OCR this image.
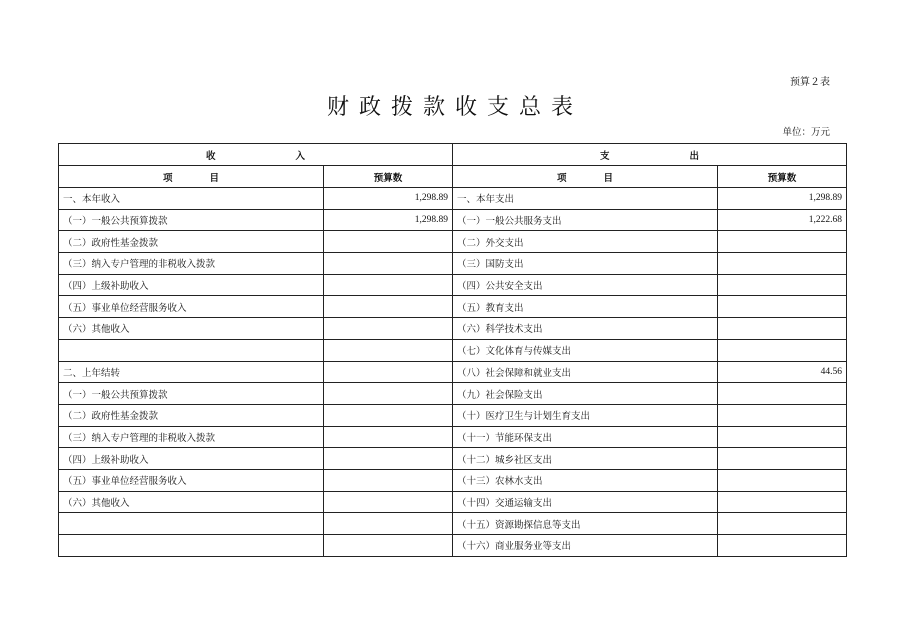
预算２表
财政拨款收支总表
单位：万元
收入		支出	
项目	预算数	项目	预算数
一、本年收入	1,298.89	一、本年支出	1,298.89
（一）一般公共预算拨款	1,298.89	（一）一般公共服务支出	1,222.68
（二）政府性基金拨款		（二）外交支出	
（三）纳入专户管理的非税收入拨款		（三）国防支出	
（四）上级补助收入		（四）公共安全支出	
（五）事业单位经营服务收入		（五）教育支出	
（六）其他收入		（六）科学技术支出	
		（七）文化体育与传媒支出	
二、上年结转		（八）社会保障和就业支出	44.56
（一）一般公共预算拨款		（九）社会保险支出	
（二）政府性基金拨款		（十）医疗卫生与计划生育支出	
（三）纳入专户管理的非税收入拨款		（十一）节能环保支出	
（四）上级补助收入		（十二）城乡社区支出	
（五）事业单位经营服务收入		（十三）农林水支出	
（六）其他收入		（十四）交通运输支出	
		（十五）资源勘探信息等支出	
		（十六）商业服务业等支出	
